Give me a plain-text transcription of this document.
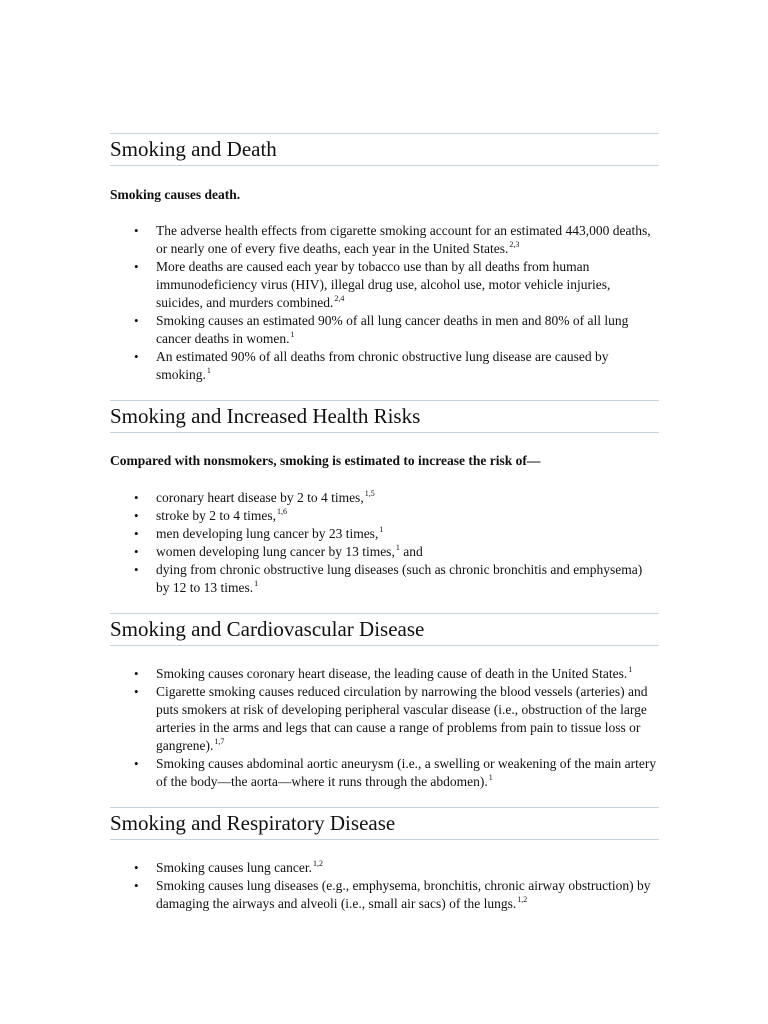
Smoking and Death

Smoking causes death.

• The adverse health effects from cigarette smoking account for an estimated 443,000 deaths, or nearly one of every five deaths, each year in the United States.$^{2,3}$
• More deaths are caused each year by tobacco use than by all deaths from human immunodeficiency virus (HIV), illegal drug use, alcohol use, motor vehicle injuries, suicides, and murders combined.$^{2,4}$
• Smoking causes an estimated 90% of all lung cancer deaths in men and 80% of all lung cancer deaths in women.$^1$
• An estimated 90% of all deaths from chronic obstructive lung disease are caused by smoking.$^1$
Smoking and Increased Health Risks

Compared with nonsmokers, smoking is estimated to increase the risk of—

• coronary heart disease by 2 to 4 times,$^{1,5}$
• stroke by 2 to 4 times,$^{1,6}$
• men developing lung cancer by 23 times,$^1$
• women developing lung cancer by 13 times,$^1$ and
• dying from chronic obstructive lung diseases (such as chronic bronchitis and emphysema) by 12 to 13 times.$^1$
Smoking and Cardiovascular Disease
• Smoking causes coronary heart disease, the leading cause of death in the United States.$^1$
• Cigarette smoking causes reduced circulation by narrowing the blood vessels (arteries) and puts smokers at risk of developing peripheral vascular disease (i.e., obstruction of the large arteries in the arms and legs that can cause a range of problems from pain to tissue loss or gangrene).$^{1,7}$
• Smoking causes abdominal aortic aneurysm (i.e., a swelling or weakening of the main artery of the body—the aorta—where it runs through the abdomen).$^1$
Smoking and Respiratory Disease
• Smoking causes lung cancer.$^{1,2}$
• Smoking causes lung diseases (e.g., emphysema, bronchitis, chronic airway obstruction) by damaging the airways and alveoli (i.e., small air sacs) of the lungs.$^{1,2}$
